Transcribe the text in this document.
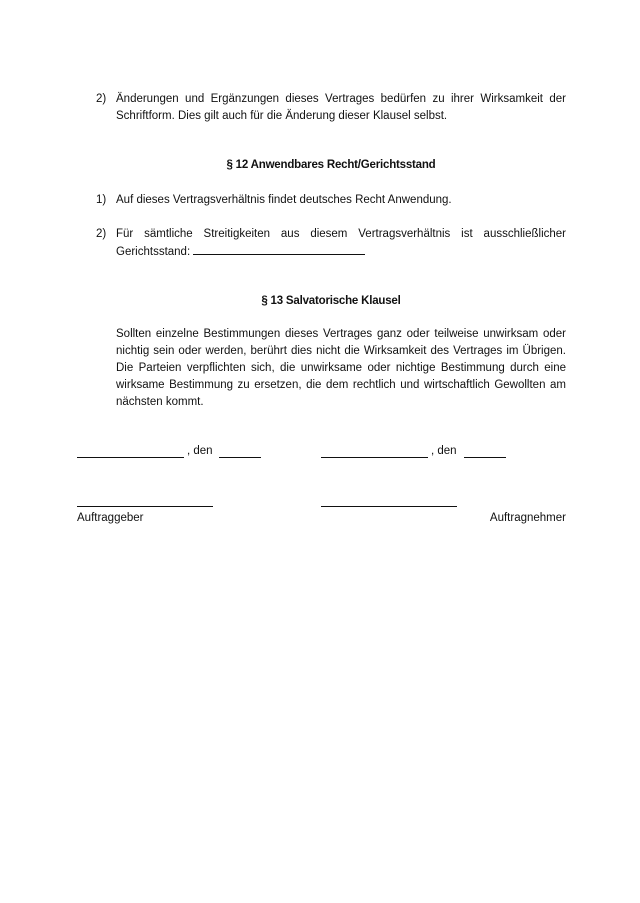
2) Änderungen und Ergänzungen dieses Vertrages bedürfen zu ihrer Wirksamkeit der Schriftform. Dies gilt auch für die Änderung dieser Klausel selbst.
§ 12 Anwendbares Recht/Gerichtsstand
1) Auf dieses Vertragsverhältnis findet deutsches Recht Anwendung.
2) Für sämtliche Streitigkeiten aus diesem Vertragsverhältnis ist ausschließlicher Gerichtsstand:
§ 13 Salvatorische Klausel
Sollten einzelne Bestimmungen dieses Vertrages ganz oder teilweise unwirksam oder nichtig sein oder werden, berührt dies nicht die Wirksamkeit des Vertrages im Übrigen. Die Parteien verpflichten sich, die unwirksame oder nichtige Bestimmung durch eine wirksame Bestimmung zu ersetzen, die dem rechtlich und wirtschaftlich Gewollten am nächsten kommt.
, den	, den
Auftraggeber	Auftragnehmer
